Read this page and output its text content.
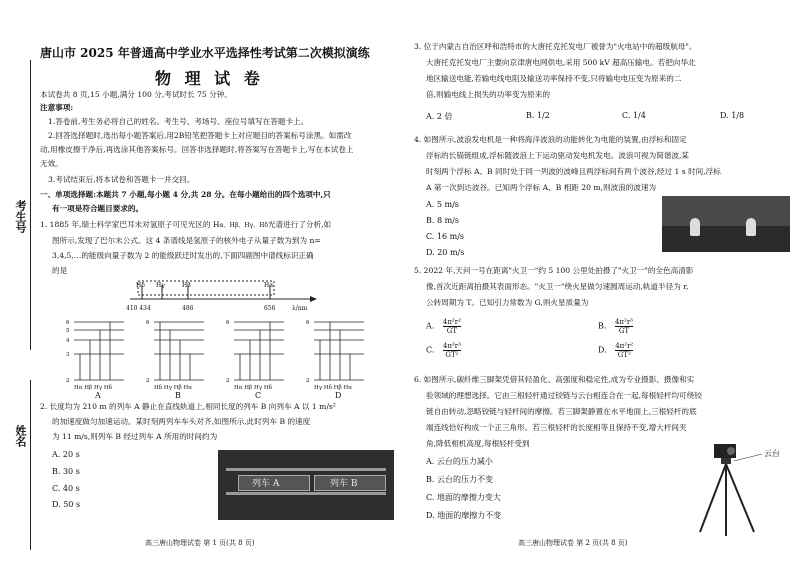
考生号
姓名
唐山市 2025 年普通高中学业水平选择性考试第二次模拟演练
物 理 试 卷
本试卷共 8 页,15 小题,满分 100 分,考试时长 75 分钟。
注意事项:
1.答卷前,考生务必将自己的姓名、考生号、考场号、座位号填写在答题卡上。
2.回答选择题时,选出每小题答案后,用2B铅笔把答题卡上对应题目的答案标号涂黑。如需改
动,用橡皮擦干净后,再选涂其他答案标号。回答非选择题时,将答案写在答题卡上,写在本试卷上
无效。
3.考试结束后,将本试卷和答题卡一并交回。
一、单项选择题:本题共 7 小题,每小题 4 分,共 28 分。在每小题给出的四个选项中,只
有一项是符合题目要求的。
1. 1885 年,瑞士科学家巴耳末对氢原子可见光区的 Hα、Hβ、Hγ、Hδ光谱进行了分析,如
图所示,发现了巴尔末公式。这 4 条谱线是氢原子的核外电子从量子数为到为 n=
3,4,5,…的能级向量子数为 2 的能级跃迁时发出的,下面四副图中谱线标识正确
的是
Hδ Hγ	Hβ	Hα
410 434	486	656	λ/nm
6
5
4
3
2
6
2
6
2
6
2
Hα Hβ Hγ Hδ	Hδ Hγ Hβ Hα	Hα Hβ Hγ Hδ	Hγ Hδ Hβ Hα
A	B	C	D
2. 长度均为 210 m 的列车 A 静止在直线轨道上,相同长度的列车 B 向列车 A 以 1 m/s²
的加速度做匀加速运动。某时刻两列车车头对齐,如图所示,此时列车 B 的速度
为 11 m/s,则列车 B 经过列车 A 所用的时间约为
A. 20 s
B. 30 s
C. 40 s
D. 50 s
列车 A	列车 B
高三唐山物理试卷 第 1 页(共 8 页)
3. 位于内蒙古自治区呼和浩特市的大唐托克托发电厂被誉为"火电站中的超级航母"。
大唐托克托发电厂主要向京津唐电网供电,采用 500 kV 超高压输电。若把向华北
地区输送电能,若输电线电阻及输送功率保持不变,只将输电电压变为原来的二
倍,则输电线上损失的功率变为原来的
A. 2 倍	B. 1/2	C. 1/4	D. 1/8
4. 如图所示,波浪发电机是一种将海洋波浪的动能转化为电能的装置,由浮标和固定
浮标的长锚链组成,浮标随波浪上下运动驱动发电机发电。波浪可视为简谐波,某
时刻两个浮标 A、B 同时处于同一列波的波峰且两浮标间有两个波谷,经过 1 s 时间,浮标
A 第一次到达波谷。已知两个浮标 A、B 相距 20 m,则波浪的波速为
A. 5 m/s
B. 8 m/s
C. 16 m/s
D. 20 m/s
5. 2022 年,天问一号在距离"火卫一"约 5 100 公里处拍摄了"火卫一"的全色高清影
像,首次近距离拍摄其表面形态。"火卫一"绕火星做匀速圆周运动,轨道半径为 r,
公转周期为 T。已知引力常数为 G,则火星质量为
A. $\frac{\text{4π²r²}}{GT}$	B. $\frac{\text{4π²r³}}{GT}$
C. $\frac{\text{4π²r³}}{\text{GT²}}$	D. $\frac{\text{4π²r²}}{\text{GT²}}$
6. 如图所示,碳纤维三脚架凭借其轻盈化、高强度和稳定性,成为专业摄影、摄像和实
验领域的理想选择。它由三根轻杆通过铰链与云台相连合在一起,每根轻杆均可绕铰
链自由转动,忽略铰链与轻杆间的摩擦。若三脚架静置在水平地面上,三根轻杆的底
端连线恰好构成一个正三角形。若三根轻杆的长度相等且保持不变,增大杆间夹
角,降低相机高度,每根轻杆受到
A. 云台的压力减小
B. 云台的压力不变
C. 地面的摩擦力变大
D. 地面的摩擦力不变
云台
高三唐山物理试卷 第 2 页(共 8 页)
